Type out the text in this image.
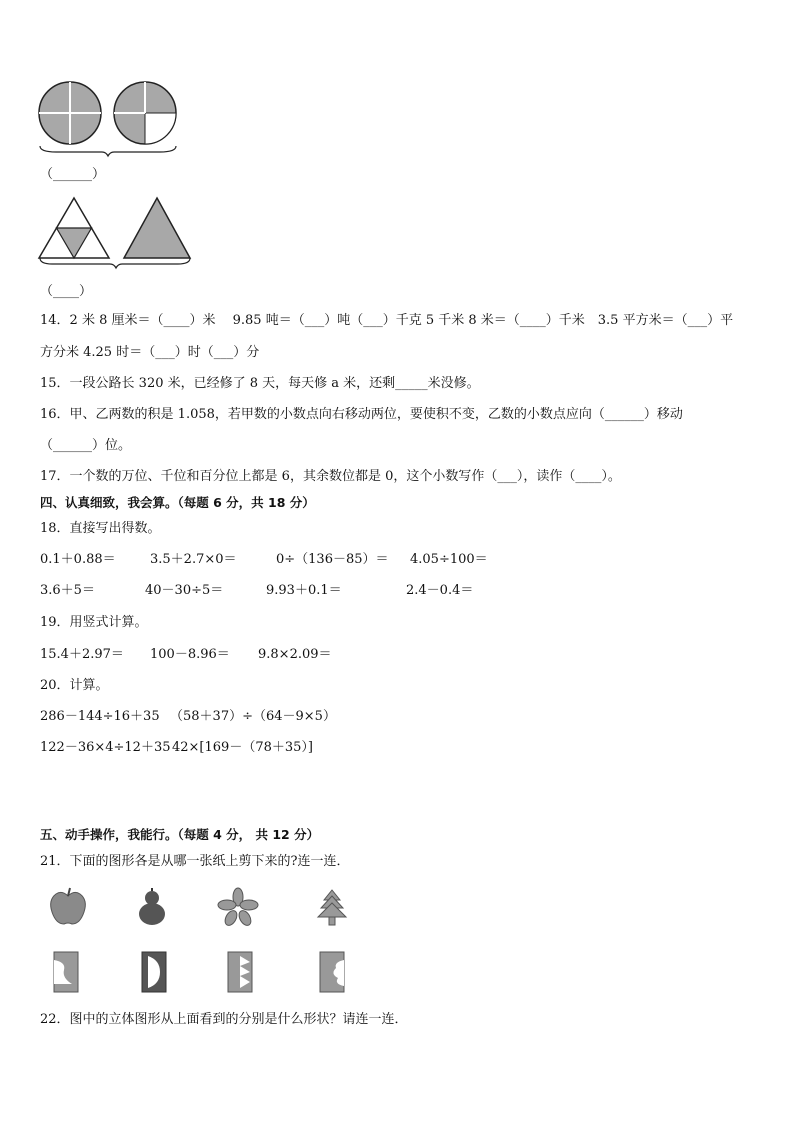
（______）
（____）
14．2 米 8 厘米＝（____）米　 9.85 吨＝（___）吨（___）千克 5 千米 8 米＝（____）千米　3.5 平方米＝（___）平
方分米 4.25 时＝（___）时（___）分
15．一段公路长 320 米，已经修了 8 天，每天修 a 米，还剩_____米没修。
16．甲、乙两数的积是 1.058，若甲数的小数点向右移动两位，要使积不变，乙数的小数点应向（______）移动
（______）位。
17．一个数的万位、千位和百分位上都是 6，其余数位都是 0，这个小数写作（___），读作（____）。
四、认真细致，我会算。（每题 6 分，共 18 分）
18．直接写出得数。
0.1＋0.88＝	3.5＋2.7×0＝	0÷（136－85）＝ 4.05÷100＝
3.6＋5＝	40－30÷5＝	9.93＋0.1＝	2.4－0.4＝
19．用竖式计算。
15.4＋2.97＝ 100－8.96＝ 9.8×2.09＝
20．计算。
286－144÷16＋35 （58＋37）÷（64－9×5）
122－36×4÷12＋35 42×[169－（78＋35）]
五、动手操作，我能行。（每题 4 分， 共 12 分）
21．下面的图形各是从哪一张纸上剪下来的?连一连．
22．图中的立体图形从上面看到的分别是什么形状？请连一连．
